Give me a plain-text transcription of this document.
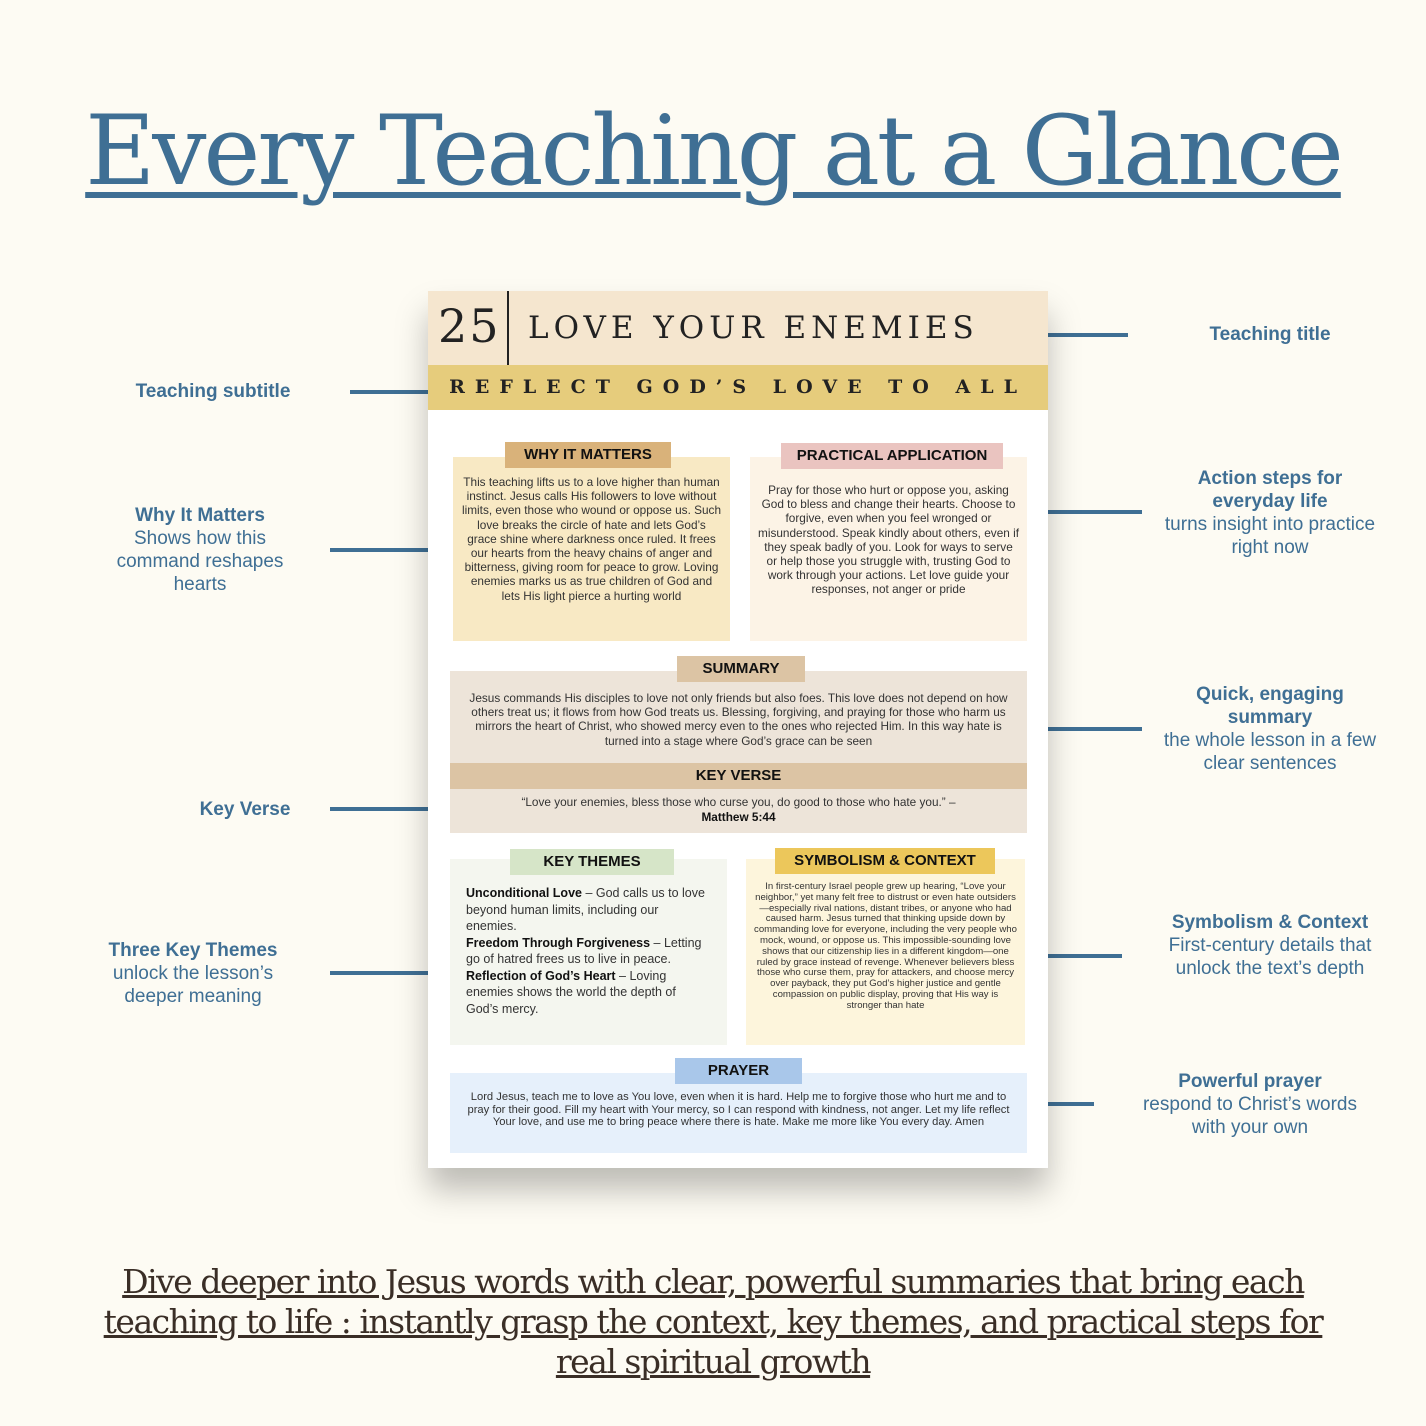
Every Teaching at a Glance
Teaching subtitle
Why It Matters
Shows how this command reshapes hearts
Key Verse
Three Key Themes
unlock the lesson’s deeper meaning
Teaching title
Action steps for everyday life
turns insight into practice right now
Quick, engaging summary
the whole lesson in a few clear sentences
Symbolism & Context
First-century details that unlock the text’s depth
Powerful prayer
respond to Christ’s words with your own
25 LOVE YOUR ENEMIES
REFLECT GOD’S LOVE TO ALL
This teaching lifts us to a love higher than human instinct. Jesus calls His followers to love without limits, even those who wound or oppose us. Such love breaks the circle of hate and lets God’s grace shine where darkness once ruled. It frees our hearts from the heavy chains of anger and bitterness, giving room for peace to grow. Loving enemies marks us as true children of God and lets His light pierce a hurting world
WHY IT MATTERS
Pray for those who hurt or oppose you, asking God to bless and change their hearts. Choose to forgive, even when you feel wronged or misunderstood. Speak kindly about others, even if they speak badly of you. Look for ways to serve or help those you struggle with, trusting God to work through your actions. Let love guide your responses, not anger or pride
PRACTICAL APPLICATION
Jesus commands His disciples to love not only friends but also foes. This love does not depend on how others treat us; it flows from how God treats us. Blessing, forgiving, and praying for those who harm us mirrors the heart of Christ, who showed mercy even to the ones who rejected Him. In this way hate is turned into a stage where God’s grace can be seen
KEY VERSE
“Love your enemies, bless those who curse you, do good to those who hate you.” –
Matthew 5:44
SUMMARY
Unconditional Love – God calls us to love beyond human limits, including our enemies.
Freedom Through Forgiveness – Letting go of hatred frees us to live in peace.
Reflection of God’s Heart – Loving enemies shows the world the depth of God’s mercy.
KEY THEMES
In first-century Israel people grew up hearing, “Love your neighbor,” yet many felt free to distrust or even hate outsiders—especially rival nations, distant tribes, or anyone who had caused harm. Jesus turned that thinking upside down by commanding love for everyone, including the very people who mock, wound, or oppose us. This impossible-sounding love shows that our citizenship lies in a different kingdom—one ruled by grace instead of revenge. Whenever believers bless those who curse them, pray for attackers, and choose mercy over payback, they put God’s higher justice and gentle compassion on public display, proving that His way is stronger than hate
SYMBOLISM & CONTEXT
Lord Jesus, teach me to love as You love, even when it is hard. Help me to forgive those who hurt me and to pray for their good. Fill my heart with Your mercy, so I can respond with kindness, not anger. Let my life reflect Your love, and use me to bring peace where there is hate. Make me more like You every day. Amen
PRAYER
Dive deeper into Jesus words with clear, powerful summaries that bring each teaching to life : instantly grasp the context, key themes, and practical steps for real spiritual growth
